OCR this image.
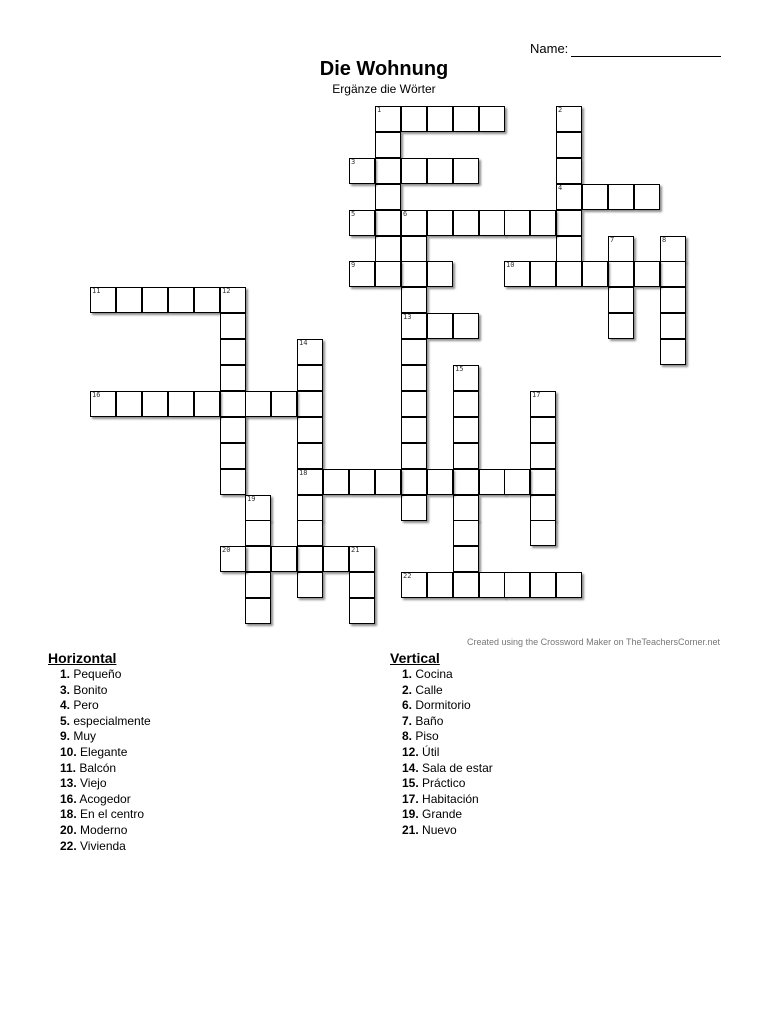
Name:
Die Wohnung
Ergänze die Wörter
1	2
4
3
5	6
13
7	8
9	10
11	12
14
18
15
16	17
19
20	21
22
Created using the Crossword Maker on TheTeachersCorner.net
Horizontal
1. Pequeño
3. Bonito
4. Pero
5. especialmente
9. Muy
10. Elegante
11. Balcón
13. Viejo
16. Acogedor
18. En el centro
20. Moderno
22. Vivienda
Vertical
1. Cocina
2. Calle
6. Dormitorio
7. Baño
8. Piso
12. Útil
14. Sala de estar
15. Práctico
17. Habitación
19. Grande
21. Nuevo
